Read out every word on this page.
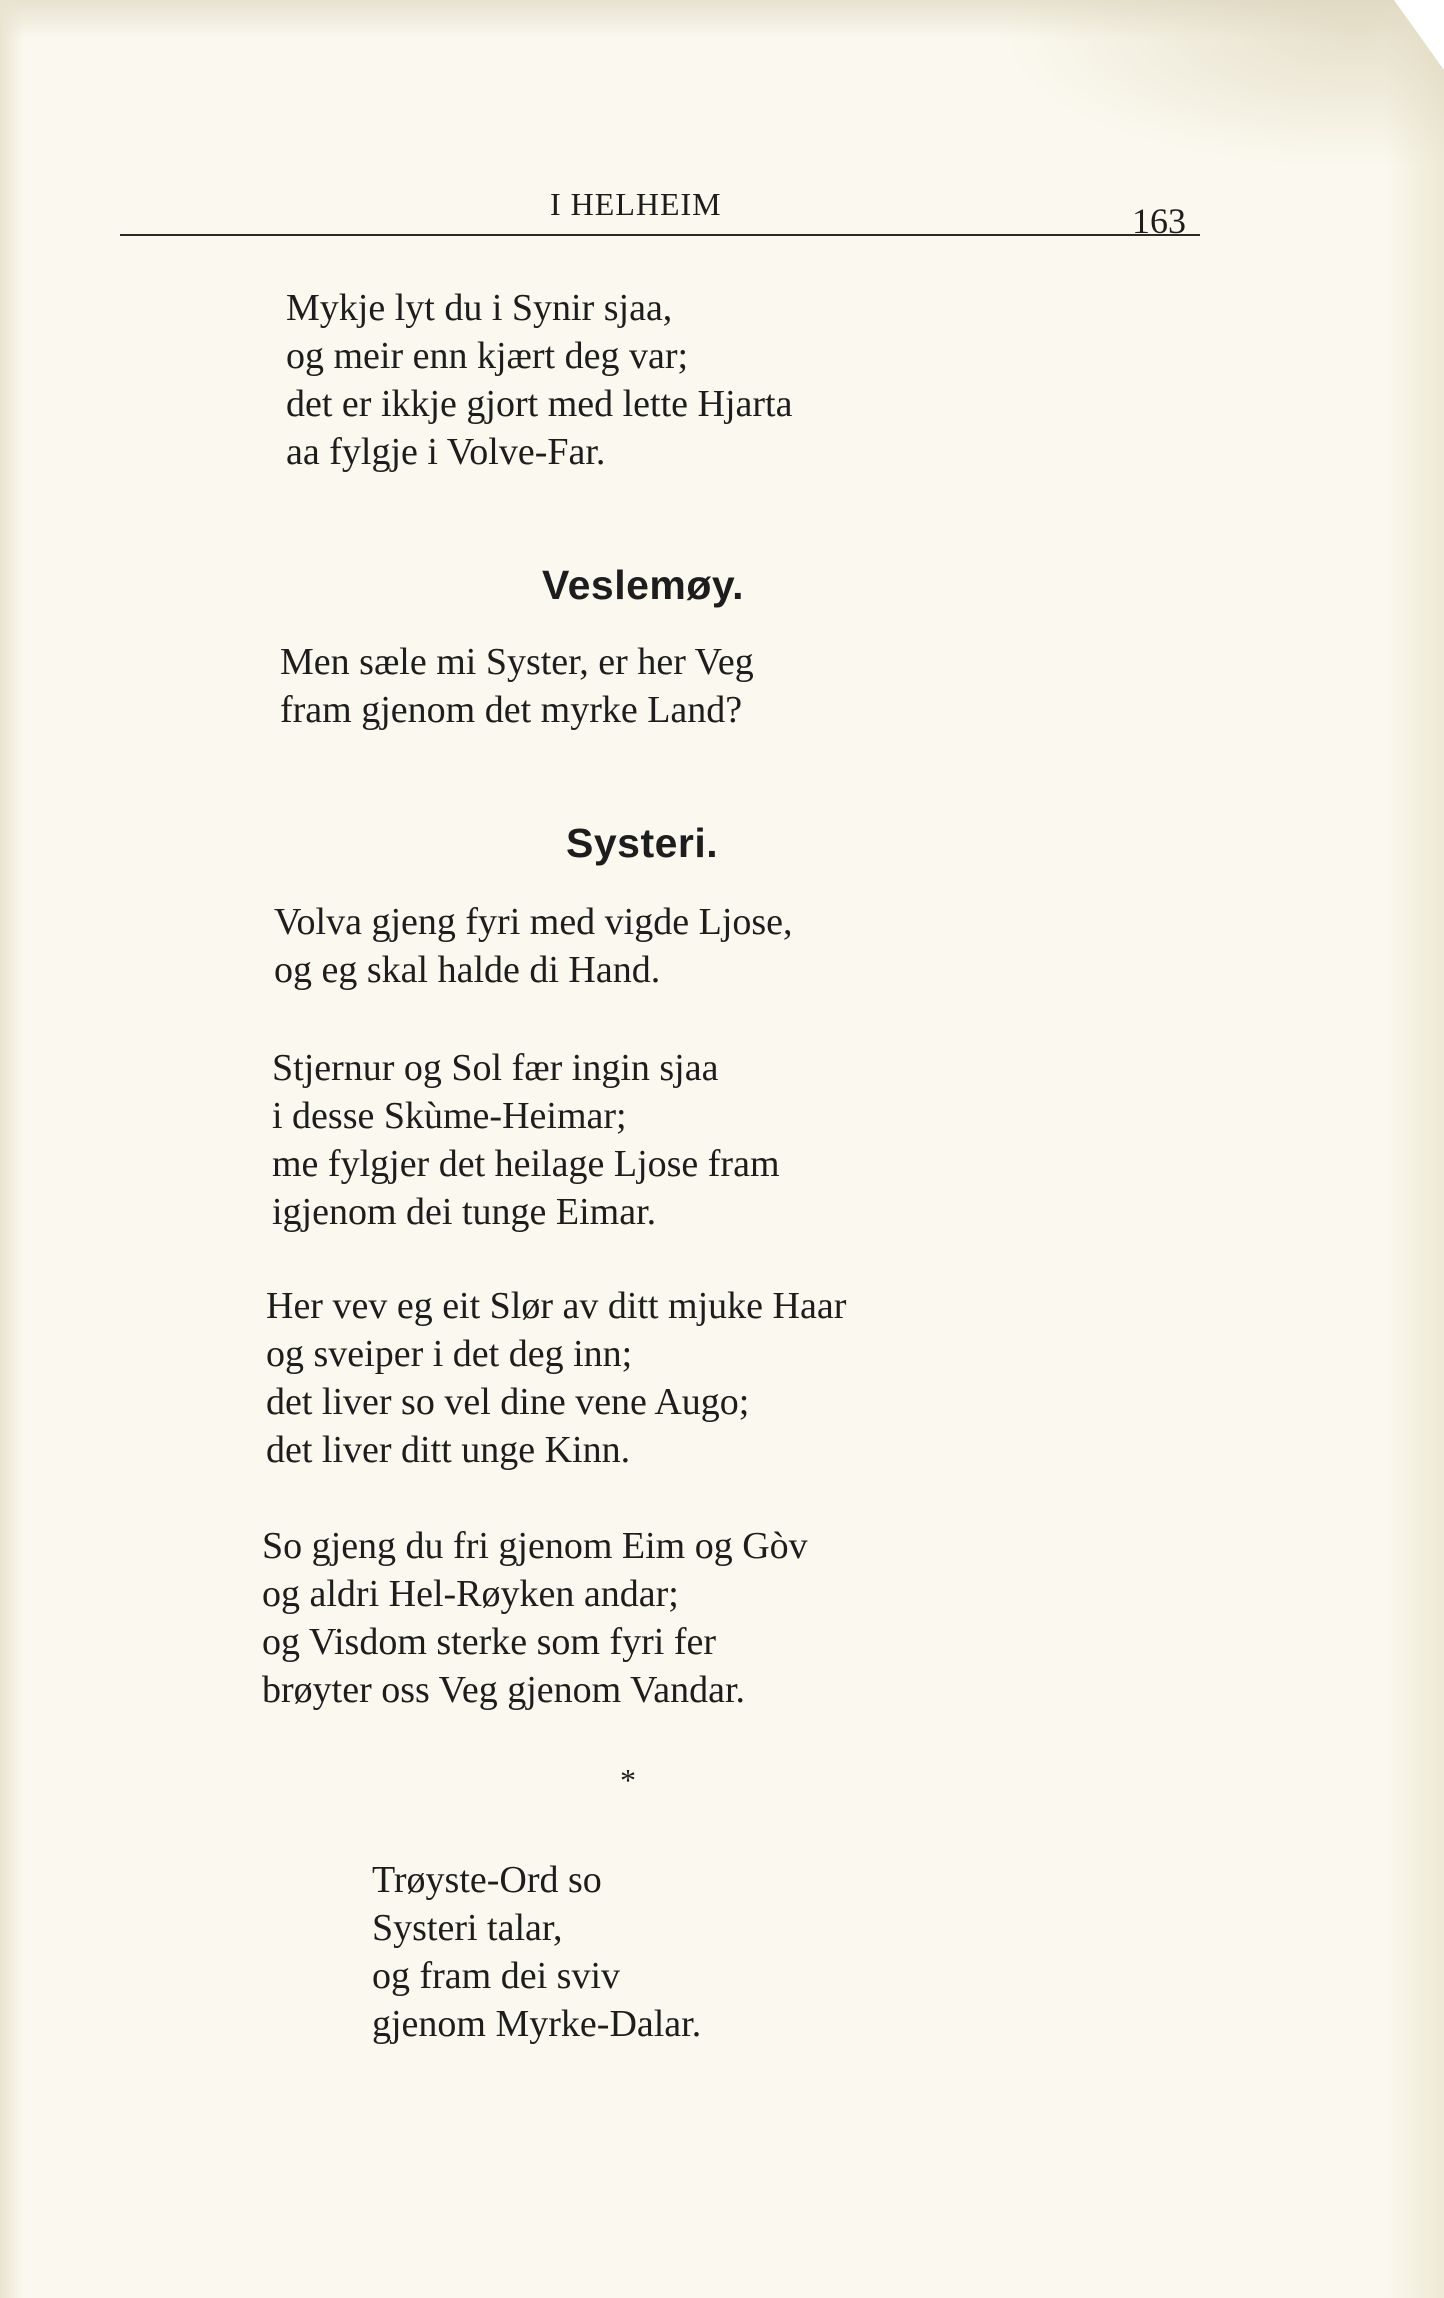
I HELHEIM	163
Mykje lyt du i Synir sjaa,
og meir enn kjært deg var;
det er ikkje gjort med lette Hjarta
aa fylgje i Volve-Far.
Veslemøy.
Men sæle mi Syster, er her Veg
fram gjenom det myrke Land?
Systeri.
Volva gjeng fyri med vigde Ljose,
og eg skal halde di Hand.
Stjernur og Sol fær ingin sjaa
i desse Skùme-Heimar;
me fylgjer det heilage Ljose fram
igjenom dei tunge Eimar.
Her vev eg eit Slør av ditt mjuke Haar
og sveiper i det deg inn;
det liver so vel dine vene Augo;
det liver ditt unge Kinn.
So gjeng du fri gjenom Eim og Gòv
og aldri Hel-Røyken andar;
og Visdom sterke som fyri fer
brøyter oss Veg gjenom Vandar.
*
Trøyste-Ord so
Systeri talar,
og fram dei sviv
gjenom Myrke-Dalar.
